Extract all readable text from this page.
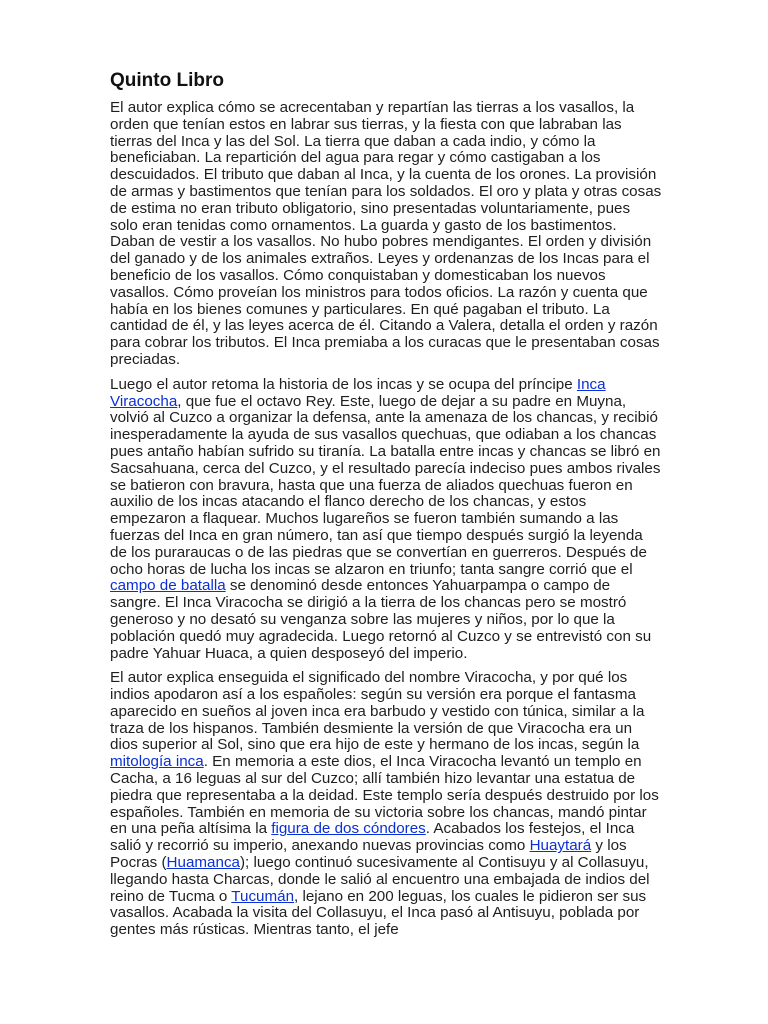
Quinto Libro

El autor explica cómo se acrecentaban y repartían las tierras a los vasallos, la orden que tenían estos en labrar sus tierras, y la fiesta con que labraban las tierras del Inca y las del Sol. La tierra que daban a cada indio, y cómo la beneficiaban. La repartición del agua para regar y cómo castigaban a los descuidados. El tributo que daban al Inca, y la cuenta de los orones. La provisión de armas y bastimentos que tenían para los soldados. El oro y plata y otras cosas de estima no eran tributo obligatorio, sino presentadas voluntariamente, pues solo eran tenidas como ornamentos. La guarda y gasto de los bastimentos. Daban de vestir a los vasallos. No hubo pobres mendigantes. El orden y división del ganado y de los animales extraños. Leyes y ordenanzas de los Incas para el beneficio de los vasallos. Cómo conquistaban y domesticaban los nuevos vasallos. Cómo proveían los ministros para todos oficios. La razón y cuenta que había en los bienes comunes y particulares. En qué pagaban el tributo. La cantidad de él, y las leyes acerca de él. Citando a Valera, detalla el orden y razón para cobrar los tributos. El Inca premiaba a los curacas que le presentaban cosas preciadas.

Luego el autor retoma la historia de los incas y se ocupa del príncipe Inca Viracocha, que fue el octavo Rey. Este, luego de dejar a su padre en Muyna, volvió al Cuzco a organizar la defensa, ante la amenaza de los chancas, y recibió inesperadamente la ayuda de sus vasallos quechuas, que odiaban a los chancas pues antaño habían sufrido su tiranía. La batalla entre incas y chancas se libró en Sacsahuana, cerca del Cuzco, y el resultado parecía indeciso pues ambos rivales se batieron con bravura, hasta que una fuerza de aliados quechuas fueron en auxilio de los incas atacando el flanco derecho de los chancas, y estos empezaron a flaquear. Muchos lugareños se fueron también sumando a las fuerzas del Inca en gran número, tan así que tiempo después surgió la leyenda de los puraraucas o de las piedras que se convertían en guerreros. Después de ocho horas de lucha los incas se alzaron en triunfo; tanta sangre corrió que el campo de batalla se denominó desde entonces Yahuarpampa o campo de sangre. El Inca Viracocha se dirigió a la tierra de los chancas pero se mostró generoso y no desató su venganza sobre las mujeres y niños, por lo que la población quedó muy agradecida. Luego retornó al Cuzco y se entrevistó con su padre Yahuar Huaca, a quien desposeyó del imperio.

El autor explica enseguida el significado del nombre Viracocha, y por qué los indios apodaron así a los españoles: según su versión era porque el fantasma aparecido en sueños al joven inca era barbudo y vestido con túnica, similar a la traza de los hispanos. También desmiente la versión de que Viracocha era un dios superior al Sol, sino que era hijo de este y hermano de los incas, según la mitología inca. En memoria a este dios, el Inca Viracocha levantó un templo en Cacha, a 16 leguas al sur del Cuzco; allí también hizo levantar una estatua de piedra que representaba a la deidad. Este templo sería después destruido por los españoles. También en memoria de su victoria sobre los chancas, mandó pintar en una peña altísima la figura de dos cóndores. Acabados los festejos, el Inca salió y recorrió su imperio, anexando nuevas provincias como Huaytará y los Pocras (Huamanca); luego continuó sucesivamente al Contisuyu y al Collasuyu, llegando hasta Charcas, donde le salió al encuentro una embajada de indios del reino de Tucma o Tucumán, lejano en 200 leguas, los cuales le pidieron ser sus vasallos. Acabada la visita del Collasuyu, el Inca pasó al Antisuyu, poblada por gentes más rústicas. Mientras tanto, el jefe
